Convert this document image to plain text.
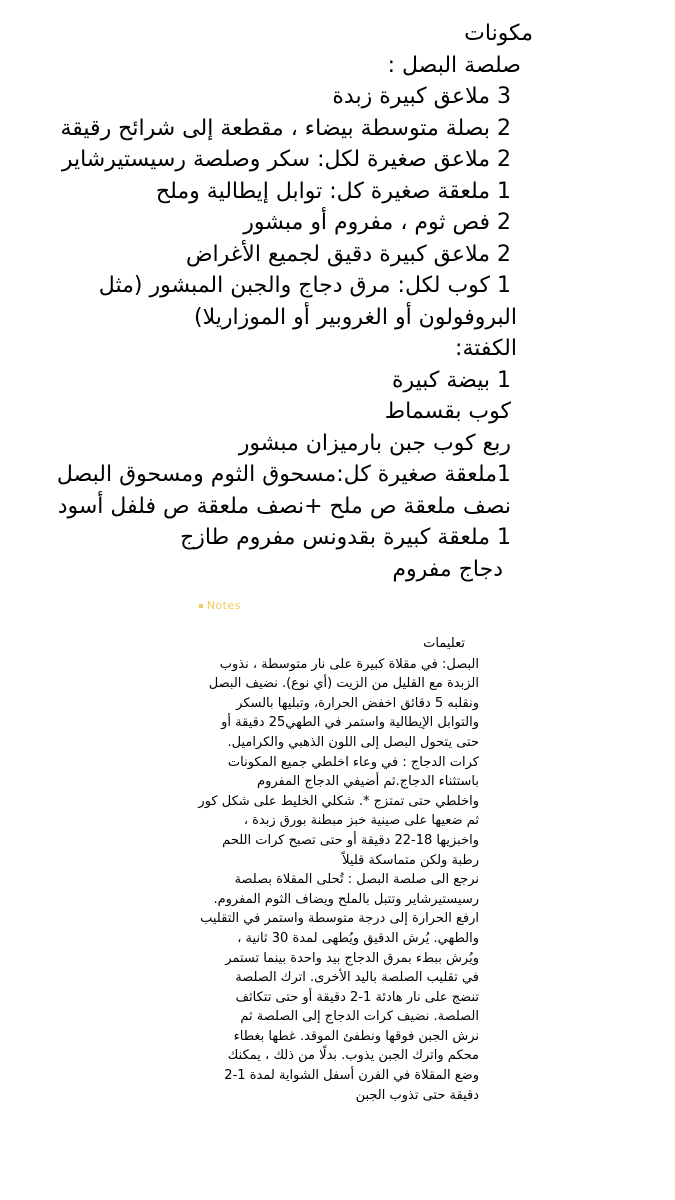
مكونات
صلصة البصل :
3 ملاعق كبيرة زبدة
2 بصلة متوسطة بيضاء ، مقطعة إلى شرائح رقيقة
2 ملاعق صغيرة لكل: سكر وصلصة رسيستيرشاير
1 ملعقة صغيرة كل: توابل إيطالية وملح
2 فص ثوم ، مفروم أو مبشور
2 ملاعق كبيرة دقيق لجميع الأغراض
1 كوب لكل: مرق دجاج والجبن المبشور (مثل
البروفولون أو الغروبير أو الموزاريلا)
الكفتة:
1 بيضة كبيرة
كوب بقسماط
ربع كوب جبن بارميزان مبشور
1ملعقة صغيرة كل:مسحوق الثوم ومسحوق البصل
نصف ملعقة ص ملح +نصف ملعقة ص فلفل أسود
1 ملعقة كبيرة بقدونس مفروم طازج
دجاج مفروم
Notes
تعليمات
البصل: في مقلاة كبيرة على نار متوسطة ، نذوب
الزبدة مع القليل من الزيت (أي نوع). نضيف البصل
ونقلبه 5 دقائق اخفض الحرارة، وتبليها بالسكر
والتوابل الإيطالية واستمر في الطهي25 دقيقة أو
حتى يتحول البصل إلى اللون الذهبي والكراميل.
كرات الدجاج : في وعاء اخلطي جميع المكونات
باستثناء الدجاج.ثم أضيفي الدجاج المفروم
واخلطي حتى تمتزج *. شكلي الخليط على شكل كور
ثم ضعيها على صينية خبز مبطنة بورق زبدة ،
واخبزيها 18-22 دقيقة أو حتى تصبح كرات اللحم
رطبة ولكن متماسكة قليلاً
نرجع الى صلصة البصل : تُحلى المقلاة بصلصة
رسيستيرشاير وتتبل بالملح ويضاف الثوم المفروم.
ارفع الحرارة إلى درجة متوسطة واستمر في التقليب
والطهي. يُرش الدقيق ويُطهى لمدة 30 ثانية ،
ويُرش ببطء بمرق الدجاج بيد واحدة بينما تستمر
في تقليب الصلصة باليد الأخرى. اترك الصلصة
تنضج على نار هادئة 1-2 دقيقة أو حتى تتكاثف
الصلصة. نضيف كرات الدجاج إلى الصلصة ثم
نرش الجبن فوقها ونطفئ الموقد. غطها بغطاء
محكم واترك الجبن يذوب. بدلًا من ذلك ، يمكنك
وضع المقلاة في الفرن أسفل الشواية لمدة 1-2
دقيقة حتى تذوب الجبن
